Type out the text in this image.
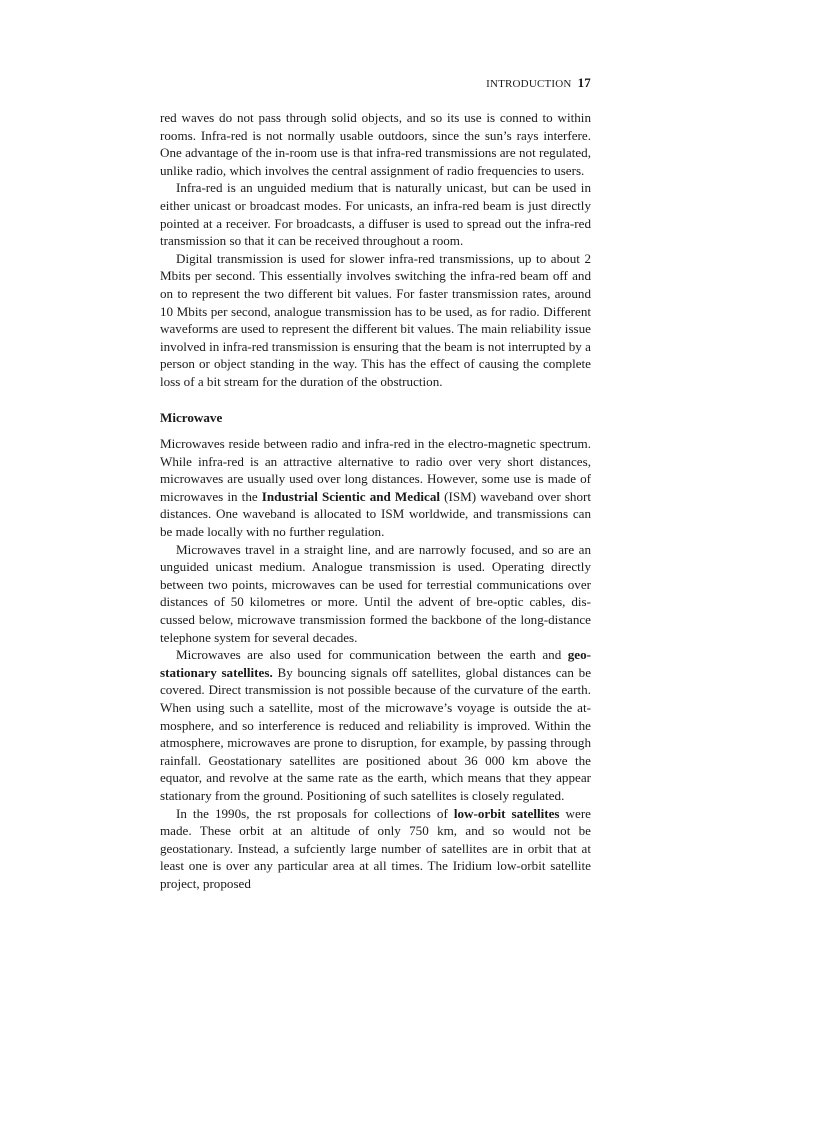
INTRODUCTION 17

red waves do not pass through solid objects, and so its use is conned to within rooms. Infra-red is not normally usable outdoors, since the sun’s rays interfere. One advantage of the in-room use is that infra-red transmissions are not regulated, unlike radio, which involves the central assignment of radio frequencies to users.

Infra-red is an unguided medium that is naturally unicast, but can be used in either unicast or broadcast modes. For unicasts, an infra-red beam is just directly pointed at a receiver. For broadcasts, a diffuser is used to spread out the infra-red transmission so that it can be received throughout a room.

Digital transmission is used for slower infra-red transmissions, up to about 2 Mbits per second. This essentially involves switching the infra-red beam off and on to represent the two different bit values. For faster transmission rates, around 10 Mbits per second, analogue transmission has to be used, as for radio. Different waveforms are used to represent the different bit values. The main reliability issue involved in infra-red transmission is ensuring that the beam is not interrupted by a person or object standing in the way. This has the effect of causing the complete loss of a bit stream for the duration of the obstruction.

Microwave

Microwaves reside between radio and infra-red in the electro-magnetic spectrum. While infra-red is an attractive alternative to radio over very short distances, microwaves are usually used over long distances. However, some use is made of microwaves in the Industrial Scientic and Medical (ISM) waveband over short distances. One waveband is allocated to ISM worldwide, and transmissions can be made locally with no further regulation.

Microwaves travel in a straight line, and are narrowly focused, and so are an unguided unicast medium. Analogue transmission is used. Operating directly between two points, microwaves can be used for terrestial communications over distances of 50 kilometres or more. Until the advent of bre-optic cables, dis-cussed below, microwave transmission formed the backbone of the long-distance telephone system for several decades.

Microwaves are also used for communication between the earth and geo-stationary satellites. By bouncing signals off satellites, global distances can be covered. Direct transmission is not possible because of the curvature of the earth. When using such a satellite, most of the microwave’s voyage is outside the at-mosphere, and so interference is reduced and reliability is improved. Within the atmosphere, microwaves are prone to disruption, for example, by passing through rainfall. Geostationary satellites are positioned about 36 000 km above the equator, and revolve at the same rate as the earth, which means that they appear stationary from the ground. Positioning of such satellites is closely regulated.

In the 1990s, the rst proposals for collections of low-orbit satellites were made. These orbit at an altitude of only 750 km, and so would not be geostationary. Instead, a sufciently large number of satellites are in orbit that at least one is over any particular area at all times. The Iridium low-orbit satellite project, proposed
